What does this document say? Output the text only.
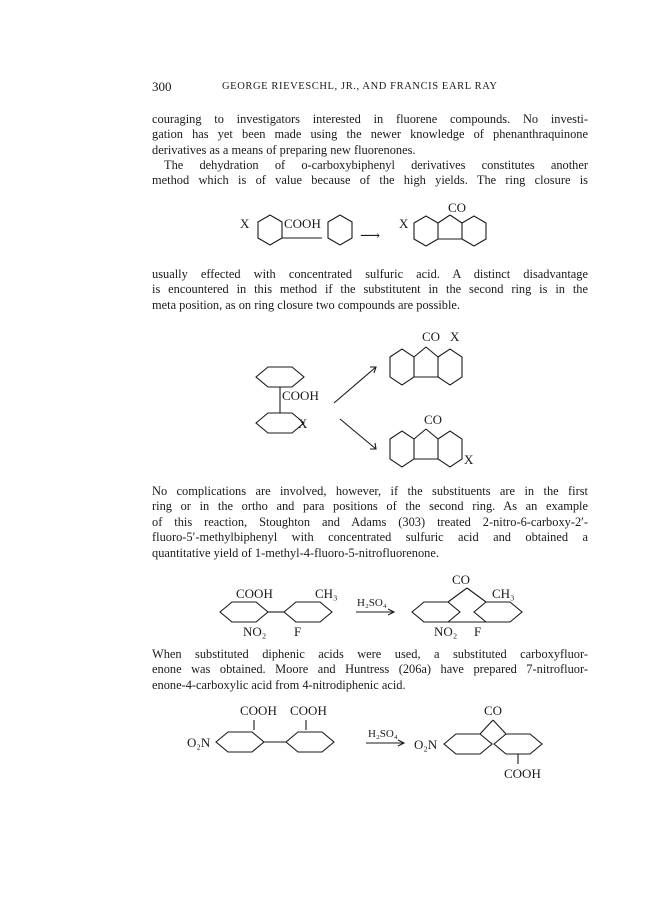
300	GEORGE RIEVESCHL, JR., AND FRANCIS EARL RAY

couraging to investigators interested in fluorene compounds. No investi-
gation has yet been made using the newer knowledge of phenanthraquinone
derivatives as a means of preparing new fluorenones.

The dehydration of o-carboxybiphenyl derivatives constitutes another
method which is of value because of the high yields. The ring closure is

X	COOH
⟶
CO
X

usually effected with concentrated sulfuric acid. A distinct disadvantage
is encountered in this method if the substitutent in the second ring is in the
meta position, as on ring closure two compounds are possible.

COOH
X
CO X
CO
X

No complications are involved, however, if the substituents are in the first
ring or in the ortho and para positions of the second ring. As an example
of this reaction, Stoughton and Adams (303) treated 2-nitro-6-carboxy-2′-
fluoro-5′-methylbiphenyl with concentrated sulfuric acid and obtained a
quantitative yield of 1-methyl-4-fluoro-5-nitrofluorenone.

COOH	CH₃
NO₂ F
H₂SO₄
CO
CH₃
NO₂ F

When substituted diphenic acids were used, a substituted carboxyfluor-
enone was obtained. Moore and Huntress (206a) have prepared 7-nitrofluor-
enone-4-carboxylic acid from 4-nitrodiphenic acid.

COOH COOH
O₂N
H₂SO₄
CO
O₂N
COOH
